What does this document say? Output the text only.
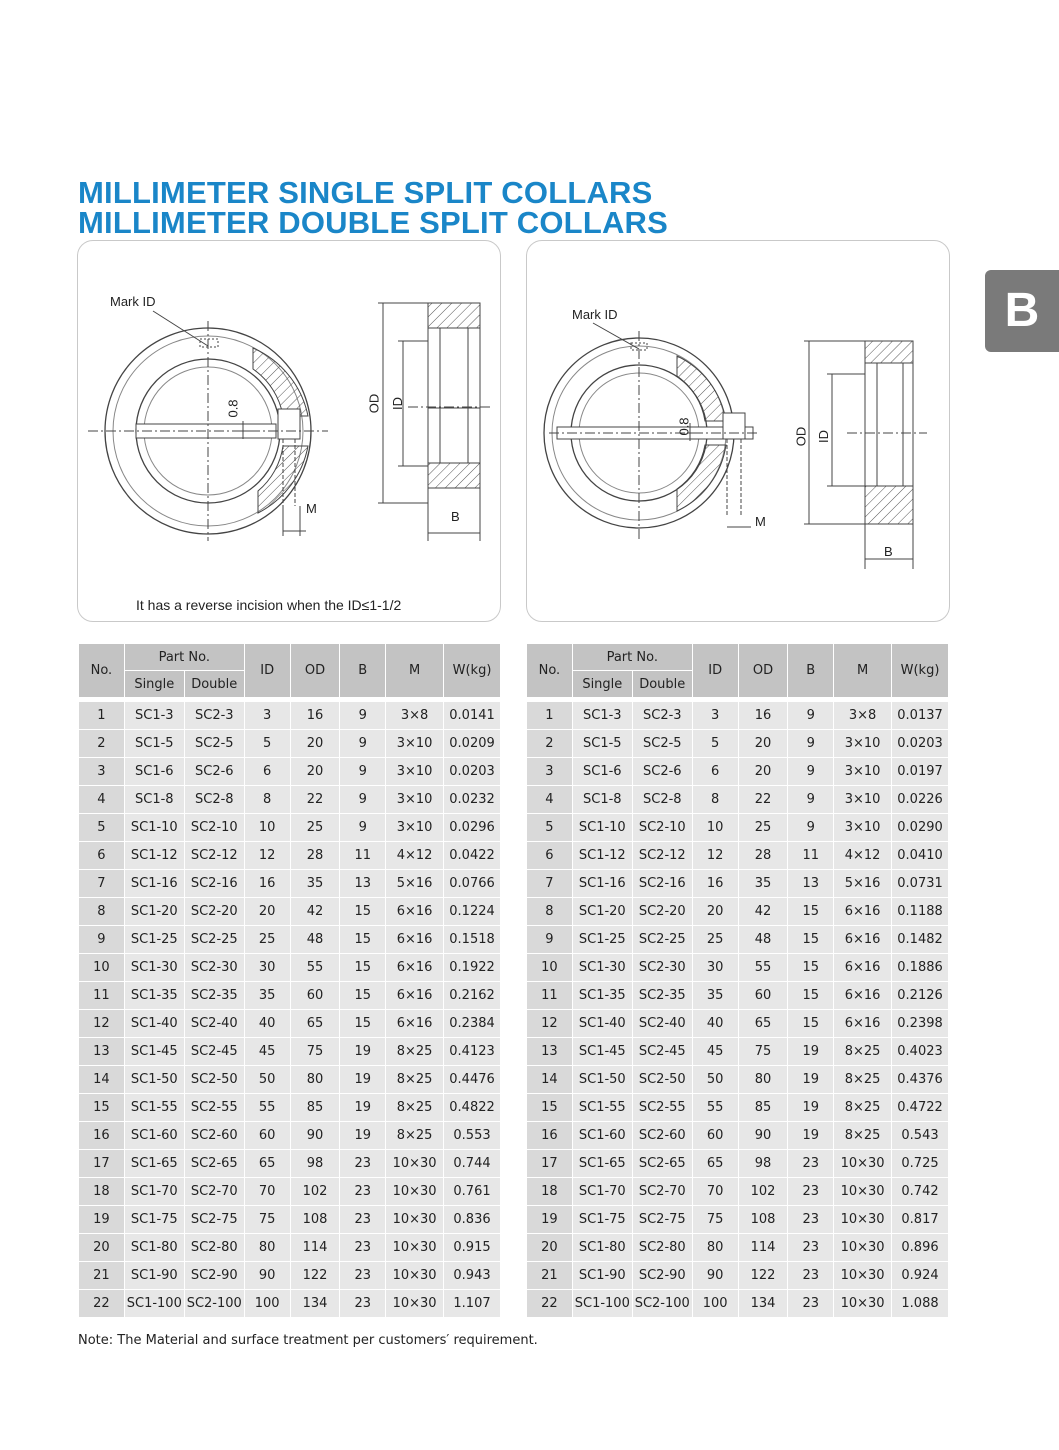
MILLIMETER SINGLE SPLIT COLLARS
MILLIMETER DOUBLE SPLIT COLLARS
B
Mark ID
0.8	OD ID
M
B
It has a reverse incision when the ID≤1-1/2
Mark ID
0.8
OD ID
M
B
No.	Part No.		ID	OD	B	M	W(kg)
	Single	Double					

1	SC1-3	SC2-3	3	16	9	3×8	0.0141
2	SC1-5	SC2-5	5	20	9	3×10	0.0209
3	SC1-6	SC2-6	6	20	9	3×10	0.0203
4	SC1-8	SC2-8	8	22	9	3×10	0.0232
5	SC1-10	SC2-10	10	25	9	3×10	0.0296
6	SC1-12	SC2-12	12	28	11	4×12	0.0422
7	SC1-16	SC2-16	16	35	13	5×16	0.0766
8	SC1-20	SC2-20	20	42	15	6×16	0.1224
9	SC1-25	SC2-25	25	48	15	6×16	0.1518
10	SC1-30	SC2-30	30	55	15	6×16	0.1922
11	SC1-35	SC2-35	35	60	15	6×16	0.2162
12	SC1-40	SC2-40	40	65	15	6×16	0.2384
13	SC1-45	SC2-45	45	75	19	8×25	0.4123
14	SC1-50	SC2-50	50	80	19	8×25	0.4476
15	SC1-55	SC2-55	55	85	19	8×25	0.4822
16	SC1-60	SC2-60	60	90	19	8×25	0.553
17	SC1-65	SC2-65	65	98	23	10×30	0.744
18	SC1-70	SC2-70	70	102	23	10×30	0.761
19	SC1-75	SC2-75	75	108	23	10×30	0.836
20	SC1-80	SC2-80	80	114	23	10×30	0.915
21	SC1-90	SC2-90	90	122	23	10×30	0.943
22	SC1-100	SC2-100	100	134	23	10×30	1.107
No.	Part No.		ID	OD	B	M	W(kg)
	Single	Double					

1	SC1-3	SC2-3	3	16	9	3×8	0.0137
2	SC1-5	SC2-5	5	20	9	3×10	0.0203
3	SC1-6	SC2-6	6	20	9	3×10	0.0197
4	SC1-8	SC2-8	8	22	9	3×10	0.0226
5	SC1-10	SC2-10	10	25	9	3×10	0.0290
6	SC1-12	SC2-12	12	28	11	4×12	0.0410
7	SC1-16	SC2-16	16	35	13	5×16	0.0731
8	SC1-20	SC2-20	20	42	15	6×16	0.1188
9	SC1-25	SC2-25	25	48	15	6×16	0.1482
10	SC1-30	SC2-30	30	55	15	6×16	0.1886
11	SC1-35	SC2-35	35	60	15	6×16	0.2126
12	SC1-40	SC2-40	40	65	15	6×16	0.2398
13	SC1-45	SC2-45	45	75	19	8×25	0.4023
14	SC1-50	SC2-50	50	80	19	8×25	0.4376
15	SC1-55	SC2-55	55	85	19	8×25	0.4722
16	SC1-60	SC2-60	60	90	19	8×25	0.543
17	SC1-65	SC2-65	65	98	23	10×30	0.725
18	SC1-70	SC2-70	70	102	23	10×30	0.742
19	SC1-75	SC2-75	75	108	23	10×30	0.817
20	SC1-80	SC2-80	80	114	23	10×30	0.896
21	SC1-90	SC2-90	90	122	23	10×30	0.924
22	SC1-100	SC2-100	100	134	23	10×30	1.088

Note: The Material and surface treatment per customers′ requirement.
